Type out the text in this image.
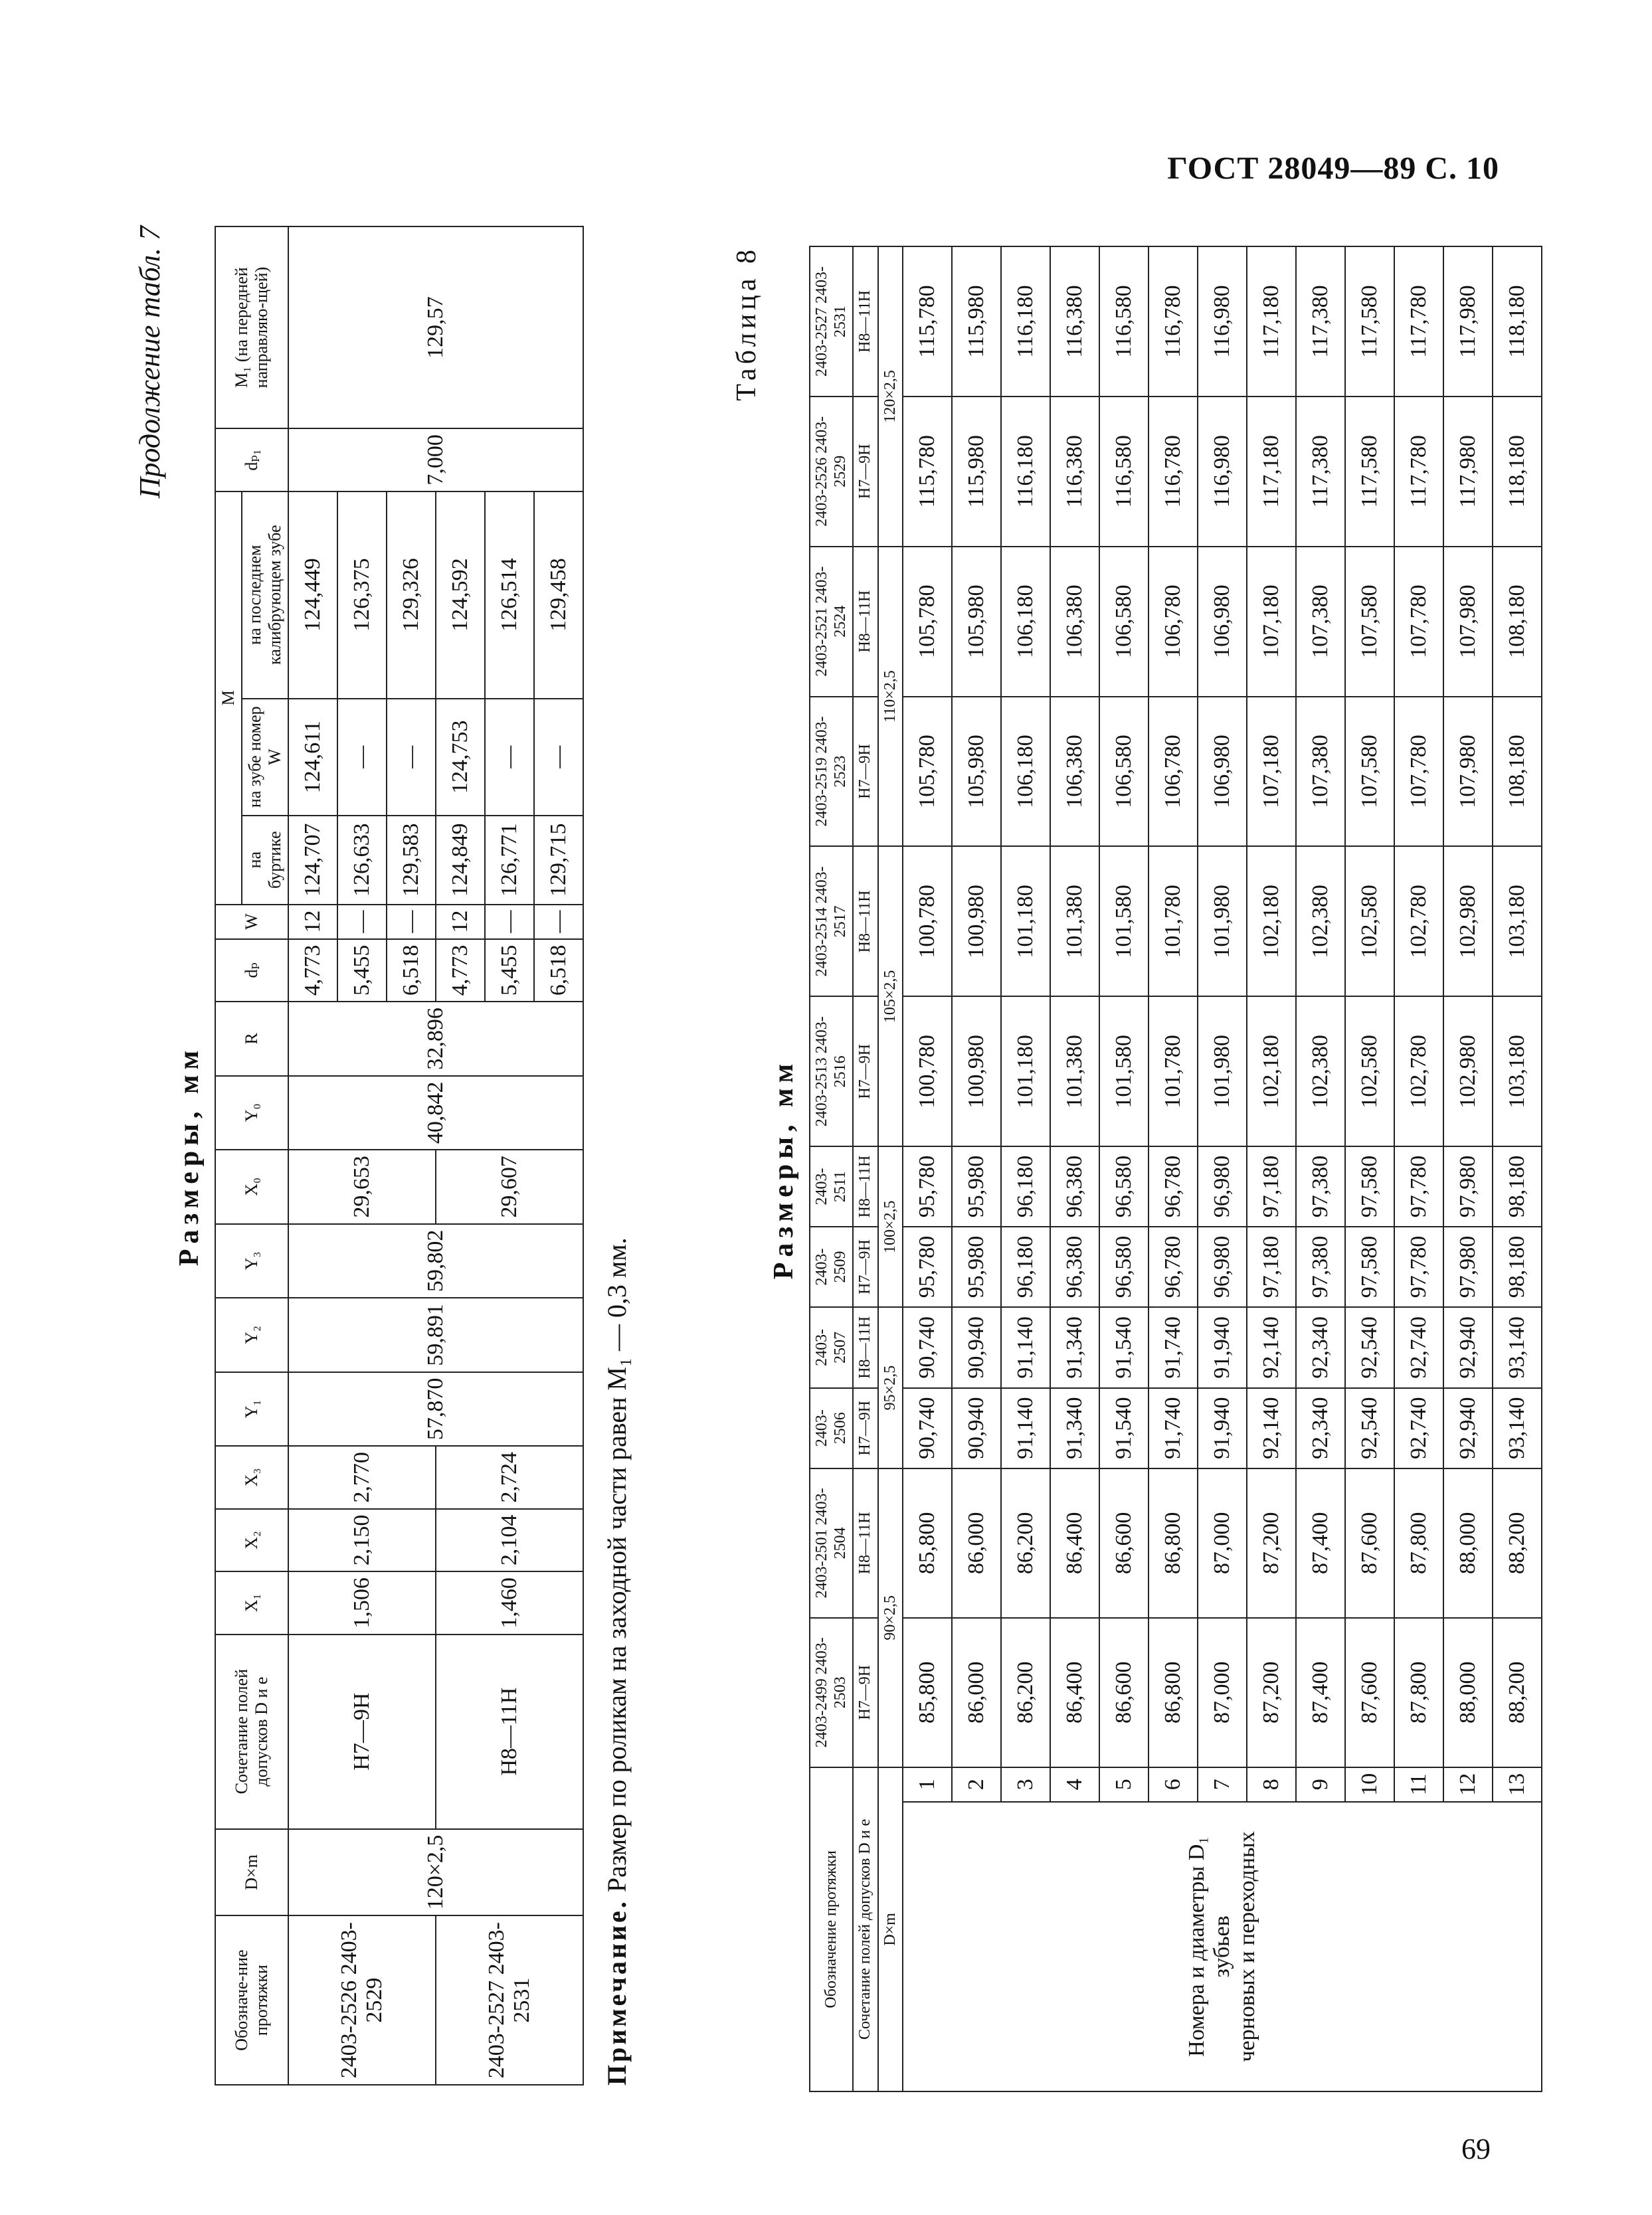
ГОСТ 28049—89 С. 10
Продолжение табл. 7
Размеры, мм
Обозначе-ние протяжки	D×m	Сочетание полей допусков D и e	X₁	X₂	X₃	Y₁	Y₂	Y₃	X₀	Y₀	R	dₚ	W	M			dₚ₁	M₁ (на передней направляю-щей)
														на буртике	на зубе номер W	на последнем калибрующем зубе		
2403-2526 2403-2529	120×2,5	H7—9H	1,506	2,150	2,770	57,870	59,891	59,802	29,653	40,842	32,896	4,773	12	124,707	124,611	124,449	7,000	129,57
												5,455	—	126,633	—	126,375		
												6,518	—	129,583	—	129,326		
2403-2527 2403-2531		H8—11H	1,460	2,104	2,724				29,607			4,773	12	124,849	124,753	124,592		
												5,455	—	126,771	—	126,514		
												6,518	—	129,715	—	129,458		
Примечание. Размер по роликам на заходной части равен M₁ — 0,3 мм.
Таблица 8
Размеры, мм
Обозначение протяжки		2403-2499 2403-2503	2403-2501 2403-2504	2403-2506	2403-2507	2403-2509	2403-2511	2403-2513 2403-2516	2403-2514 2403-2517	2403-2519 2403-2523	2403-2521 2403-2524	2403-2526 2403-2529	2403-2527 2403-2531
Сочетание полей допусков D и e		H7—9H	H8—11H	H7—9H	H8—11H	H7—9H	H8—11H	H7—9H	H8—11H	H7—9H	H8—11H	H7—9H	H8—11H
D×m		90×2,5		95×2,5		100×2,5		105×2,5		110×2,5		120×2,5	

Номера и диаметры D₁ зубьев черновых и переходных	1	85,800	85,800	90,740	90,740	95,780	95,780	100,780	100,780	105,780	105,780	115,780	115,780
	2	86,000	86,000	90,940	90,940	95,980	95,980	100,980	100,980	105,980	105,980	115,980	115,980
	3	86,200	86,200	91,140	91,140	96,180	96,180	101,180	101,180	106,180	106,180	116,180	116,180
	4	86,400	86,400	91,340	91,340	96,380	96,380	101,380	101,380	106,380	106,380	116,380	116,380
	5	86,600	86,600	91,540	91,540	96,580	96,580	101,580	101,580	106,580	106,580	116,580	116,580
	6	86,800	86,800	91,740	91,740	96,780	96,780	101,780	101,780	106,780	106,780	116,780	116,780
	7	87,000	87,000	91,940	91,940	96,980	96,980	101,980	101,980	106,980	106,980	116,980	116,980
	8	87,200	87,200	92,140	92,140	97,180	97,180	102,180	102,180	107,180	107,180	117,180	117,180
	9	87,400	87,400	92,340	92,340	97,380	97,380	102,380	102,380	107,380	107,380	117,380	117,380
	10	87,600	87,600	92,540	92,540	97,580	97,580	102,580	102,580	107,580	107,580	117,580	117,580
	11	87,800	87,800	92,740	92,740	97,780	97,780	102,780	102,780	107,780	107,780	117,780	117,780
	12	88,000	88,000	92,940	92,940	97,980	97,980	102,980	102,980	107,980	107,980	117,980	117,980
	13	88,200	88,200	93,140	93,140	98,180	98,180	103,180	103,180	108,180	108,180	118,180	118,180
69
